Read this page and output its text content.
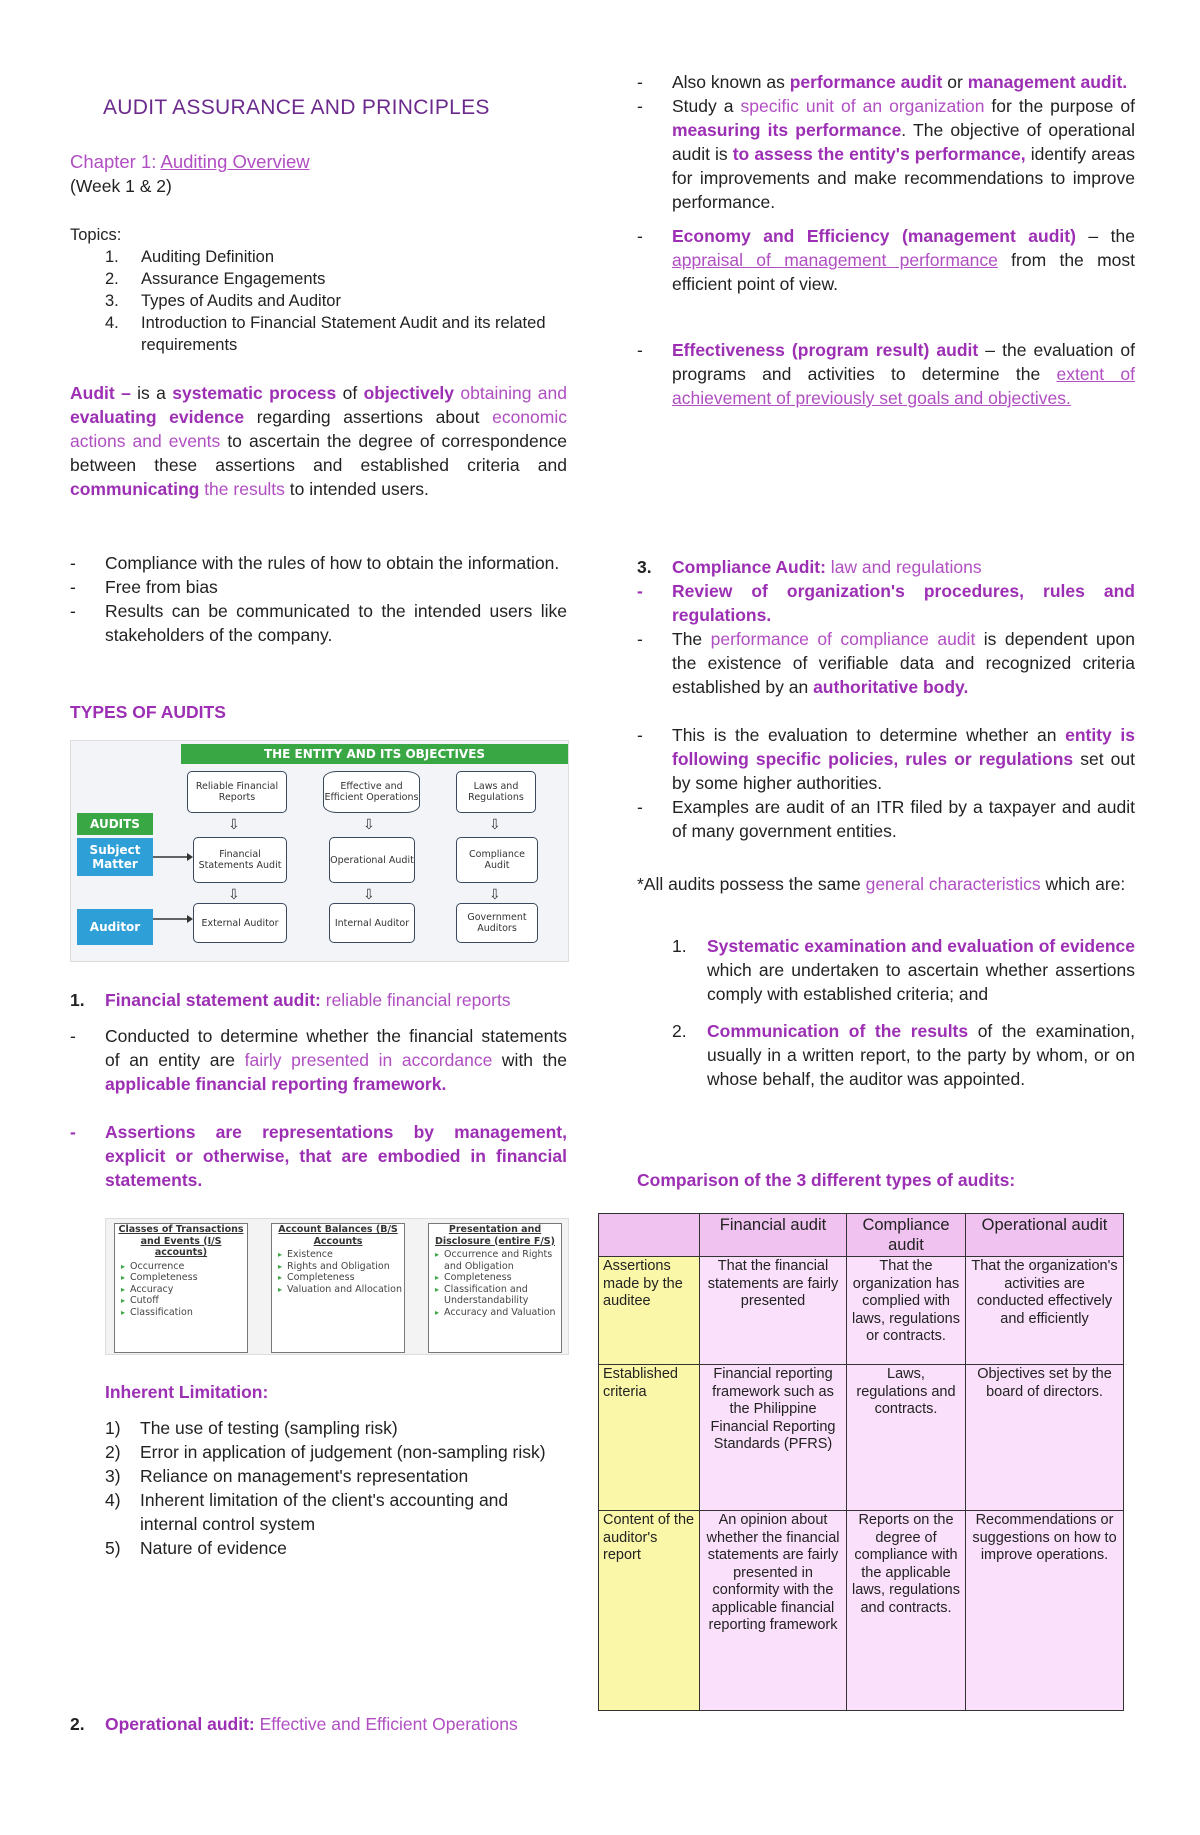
AUDIT ASSURANCE AND PRINCIPLES
Chapter 1: Auditing Overview
(Week 1 & 2)
Topics:
1. Auditing Definition
2. Assurance Engagements
3. Types of Audits and Auditor
4. Introduction to Financial Statement Audit and its related requirements
Audit – is a systematic process of objectively obtaining and evaluating evidence regarding assertions about economic actions and events to ascertain the degree of correspondence between these assertions and established criteria and communicating the results to intended users.
- Compliance with the rules of how to obtain the information.
- Free from bias
- Results can be communicated to the intended users like stakeholders of the company.
TYPES OF AUDITS
THE ENTITY AND ITS OBJECTIVES
Reliable Financial Reports
Effective and Efficient Operations
Laws and Regulations
⇩	⇩	⇩
AUDITS
Subject Matter
Auditor
Financial Statements Audit	Operational Audit	Compliance Audit
⇩	⇩	⇩
External Auditor	Internal Auditor	Government Auditors
1. Financial statement audit: reliable financial reports
- Conducted to determine whether the financial statements of an entity are fairly presented in accordance with the applicable financial reporting framework.
- Assertions are representations by management, explicit or otherwise, that are embodied in financial statements.
Classes of Transactions and Events (I/S accounts)
▸ Occurrence
▸ Completeness
▸ Accuracy
▸ Cutoff
▸ Classification
Account Balances (B/S Accounts
▸ Existence
▸ Rights and Obligation
▸ Completeness
▸ Valuation and Allocation
Presentation and Disclosure (entire F/S)
▸ Occurrence and Rights and Obligation
▸ Completeness
▸ Classification and Understandability
▸ Accuracy and Valuation
Inherent Limitation:
1) The use of testing (sampling risk)
2) Error in application of judgement (non-sampling risk)
3) Reliance on management's representation
4) Inherent limitation of the client's accounting and internal control system
5) Nature of evidence
2.	Operational audit: Effective and Efficient Operations
- Also known as performance audit or management audit.
- Study a specific unit of an organization for the purpose of measuring its performance. The objective of operational audit is to assess the entity's performance, identify areas for improvements and make recommendations to improve performance.
- Economy and Efficiency (management audit) – the appraisal of management performance from the most efficient point of view.
- Effectiveness (program result) audit – the evaluation of programs and activities to determine the extent of achievement of previously set goals and objectives.
3. Compliance Audit: law and regulations
- Review of organization's procedures, rules and regulations.
- The performance of compliance audit is dependent upon the existence of verifiable data and recognized criteria established by an authoritative body.
- This is the evaluation to determine whether an entity is following specific policies, rules or regulations set out by some higher authorities.
- Examples are audit of an ITR filed by a taxpayer and audit of many government entities.
*All audits possess the same general characteristics which are:
1. Systematic examination and evaluation of evidence which are undertaken to ascertain whether assertions comply with established criteria; and
2. Communication of the results of the examination, usually in a written report, to the party by whom, or on whose behalf, the auditor was appointed.
Comparison of the 3 different types of audits:
	Financial audit	Compliance audit	Operational audit
Assertions made by the auditee	That the financial statements are fairly presented	That the organization has complied with laws, regulations or contracts.	That the organization's activities are conducted effectively and efficiently
Established criteria	Financial reporting framework such as the Philippine Financial Reporting Standards (PFRS)	Laws, regulations and contracts.	Objectives set by the board of directors.
Content of the auditor's report	An opinion about whether the financial statements are fairly presented in conformity with the applicable financial reporting framework	Reports on the degree of compliance with the applicable laws, regulations and contracts.	Recommendations or suggestions on how to improve operations.
